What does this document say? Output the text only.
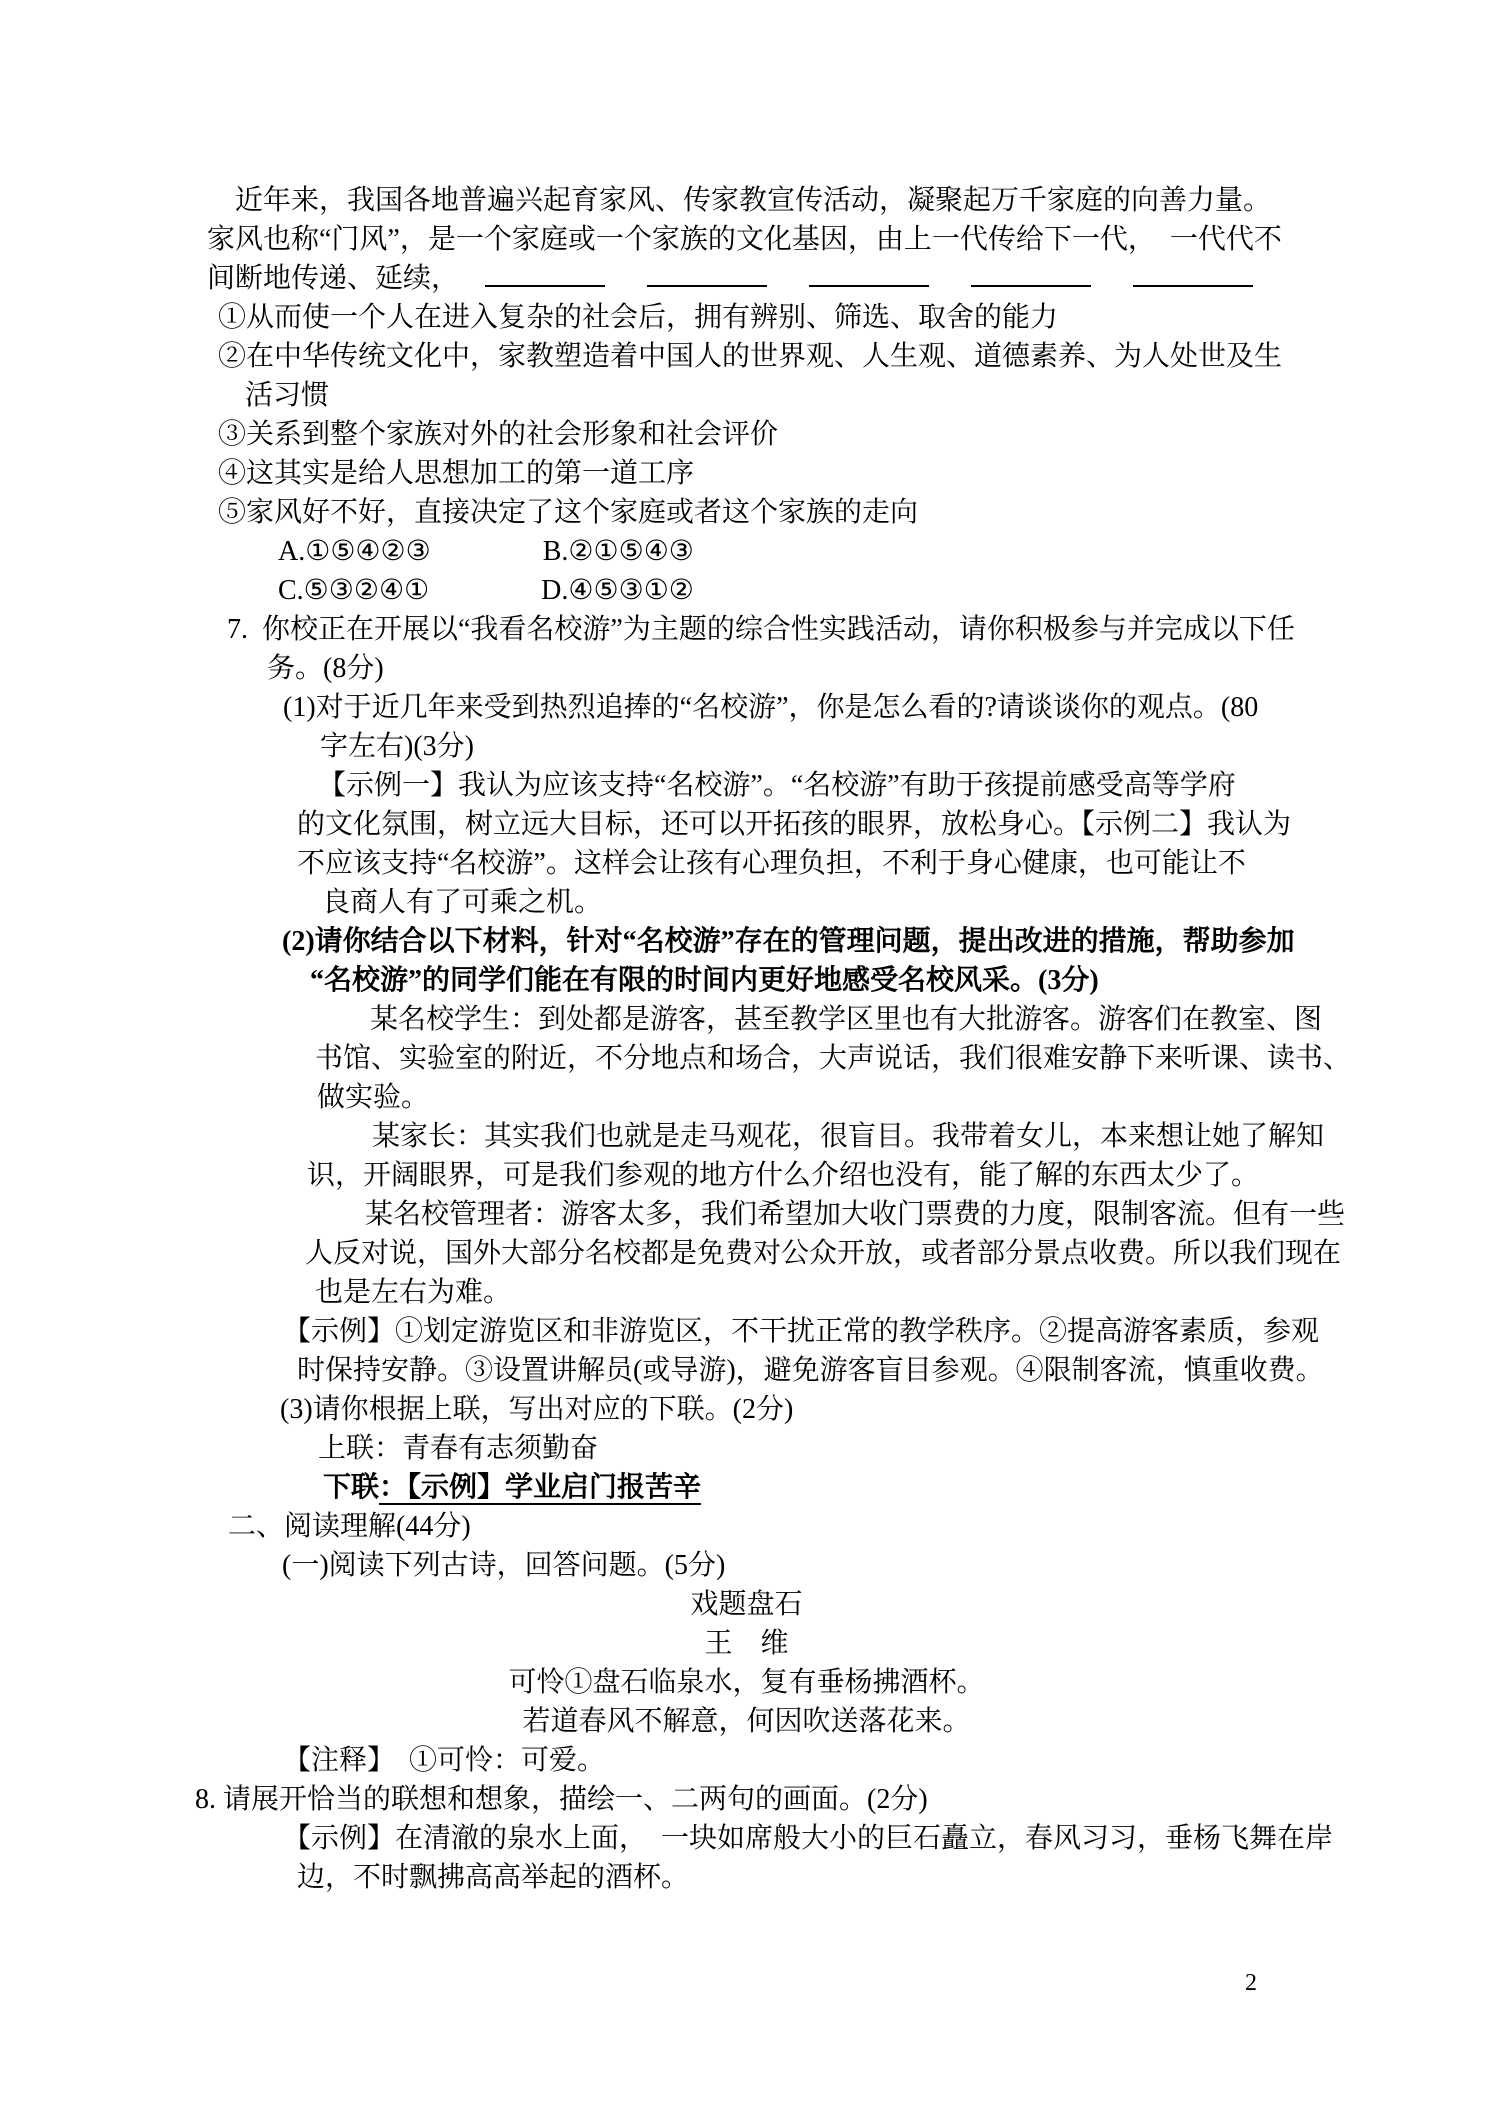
近年来，我国各地普遍兴起育家风、传家教宣传活动，凝聚起万千家庭的向善力量。
家风也称“门风”，是一个家庭或一个家族的文化基因，由上一代传给下一代，　一代代不
间断地传递、延续，
①从而使一个人在进入复杂的社会后，拥有辨别、筛选、取舍的能力
②在中华传统文化中，家教塑造着中国人的世界观、人生观、道德素养、为人处世及生
活习惯
③关系到整个家族对外的社会形象和社会评价
④这其实是给人思想加工的第一道工序
⑤家风好不好，直接决定了这个家庭或者这个家族的走向
A.①⑤④②③　　　　B.②①⑤④③
C.⑤③②④①　　　　D.④⑤③①②
7.  你校正在开展以“我看名校游”为主题的综合性实践活动，请你积极参与并完成以下任
务。(8分)
(1)对于近几年来受到热烈追捧的“名校游”，你是怎么看的?请谈谈你的观点。(80
字左右)(3分)
【示例一】我认为应该支持“名校游”。“名校游”有助于孩提前感受高等学府
的文化氛围，树立远大目标，还可以开拓孩的眼界，放松身心。【示例二】我认为
不应该支持“名校游”。这样会让孩有心理负担，不利于身心健康，也可能让不
良商人有了可乘之机。
(2)请你结合以下材料，针对“名校游”存在的管理问题，提出改进的措施，帮助参加
“名校游”的同学们能在有限的时间内更好地感受名校风采。(3分)
某名校学生：到处都是游客，甚至教学区里也有大批游客。游客们在教室、图
书馆、实验室的附近，不分地点和场合，大声说话，我们很难安静下来听课、读书、
做实验。
某家长：其实我们也就是走马观花，很盲目。我带着女儿，本来想让她了解知
识，开阔眼界，可是我们参观的地方什么介绍也没有，能了解的东西太少了。
某名校管理者：游客太多，我们希望加大收门票费的力度，限制客流。但有一些
人反对说，国外大部分名校都是免费对公众开放，或者部分景点收费。所以我们现在
也是左右为难。
【示例】①划定游览区和非游览区，不干扰正常的教学秩序。②提高游客素质，参观
时保持安静。③设置讲解员(或导游)，避免游客盲目参观。④限制客流，慎重收费。
(3)请你根据上联，写出对应的下联。(2分)
上联：青春有志须勤奋
下联：【示例】学业启门报苦辛
二、阅读理解(44分)
(一)阅读下列古诗，回答问题。(5分)
戏题盘石
王　维
可怜①盘石临泉水，复有垂杨拂酒杯。
若道春风不解意，何因吹送落花来。
【注释】　①可怜：可爱。
8. 请展开恰当的联想和想象，描绘一、二两句的画面。(2分)
【示例】在清澈的泉水上面，　一块如席般大小的巨石矗立，春风习习，垂杨飞舞在岸
边，不时飘拂高高举起的酒杯。
2
